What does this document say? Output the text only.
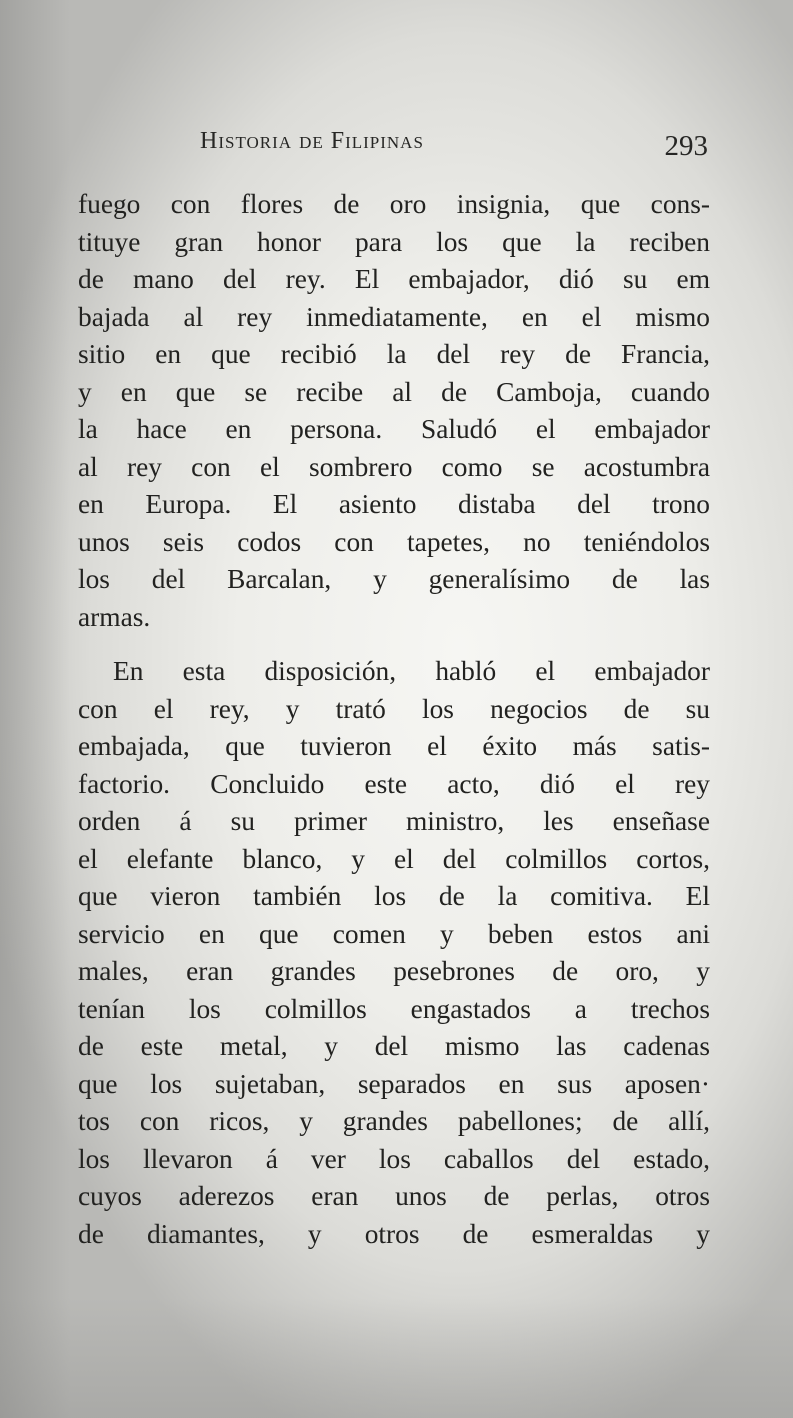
Historia de Filipinas	293
fuego con flores de oro insignia, que cons-
tituye gran honor para los que la reciben
de mano del rey. El embajador, dió su em
bajada al rey inmediatamente, en el mismo
sitio en que recibió la del rey de Francia,
y en que se recibe al de Camboja, cuando
la hace en persona. Saludó el embajador
al rey con el sombrero como se acostumbra
en Europa. El asiento distaba del trono
unos seis codos con tapetes, no teniéndolos
los del Barcalan, y generalísimo de las
armas.
En esta disposición, habló el embajador
con el rey, y trató los negocios de su
embajada, que tuvieron el éxito más satis-
factorio. Concluido este acto, dió el rey
orden á su primer ministro, les enseñase
el elefante blanco, y el del colmillos cortos,
que vieron también los de la comitiva. El
servicio en que comen y beben estos ani
males, eran grandes pesebrones de oro, y
tenían los colmillos engastados a trechos
de este metal, y del mismo las cadenas
que los sujetaban, separados en sus aposen·
tos con ricos, y grandes pabellones; de allí,
los llevaron á ver los caballos del estado,
cuyos aderezos eran unos de perlas, otros
de diamantes, y otros de esmeraldas y
